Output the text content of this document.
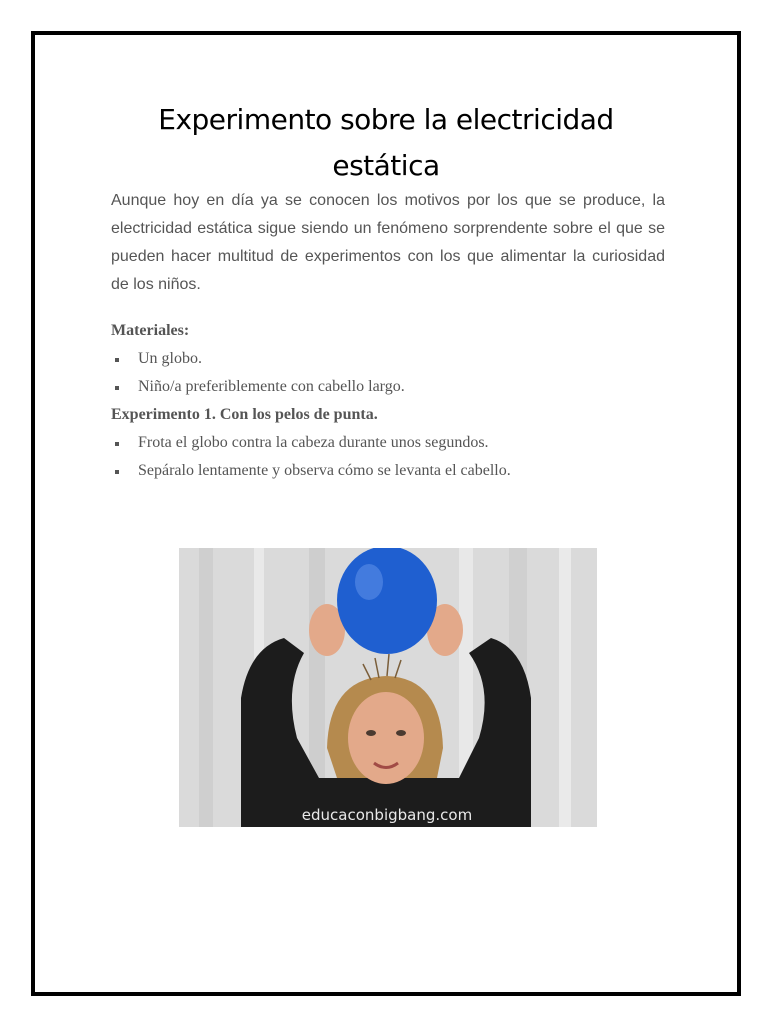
Experimento sobre la electricidad
estática

Aunque hoy en día ya se conocen los motivos por los que se produce, la electricidad estática sigue siendo un fenómeno sorprendente sobre el que se pueden hacer multitud de experimentos con los que alimentar la curiosidad de los niños.

Materiales:

Un globo.
Niño/a preferiblemente con cabello largo.

Experimento 1. Con los pelos de punta.

Frota el globo contra la cabeza durante unos segundos.
Sepáralo lentamente y observa cómo se levanta el cabello.
educaconbigbang.com
